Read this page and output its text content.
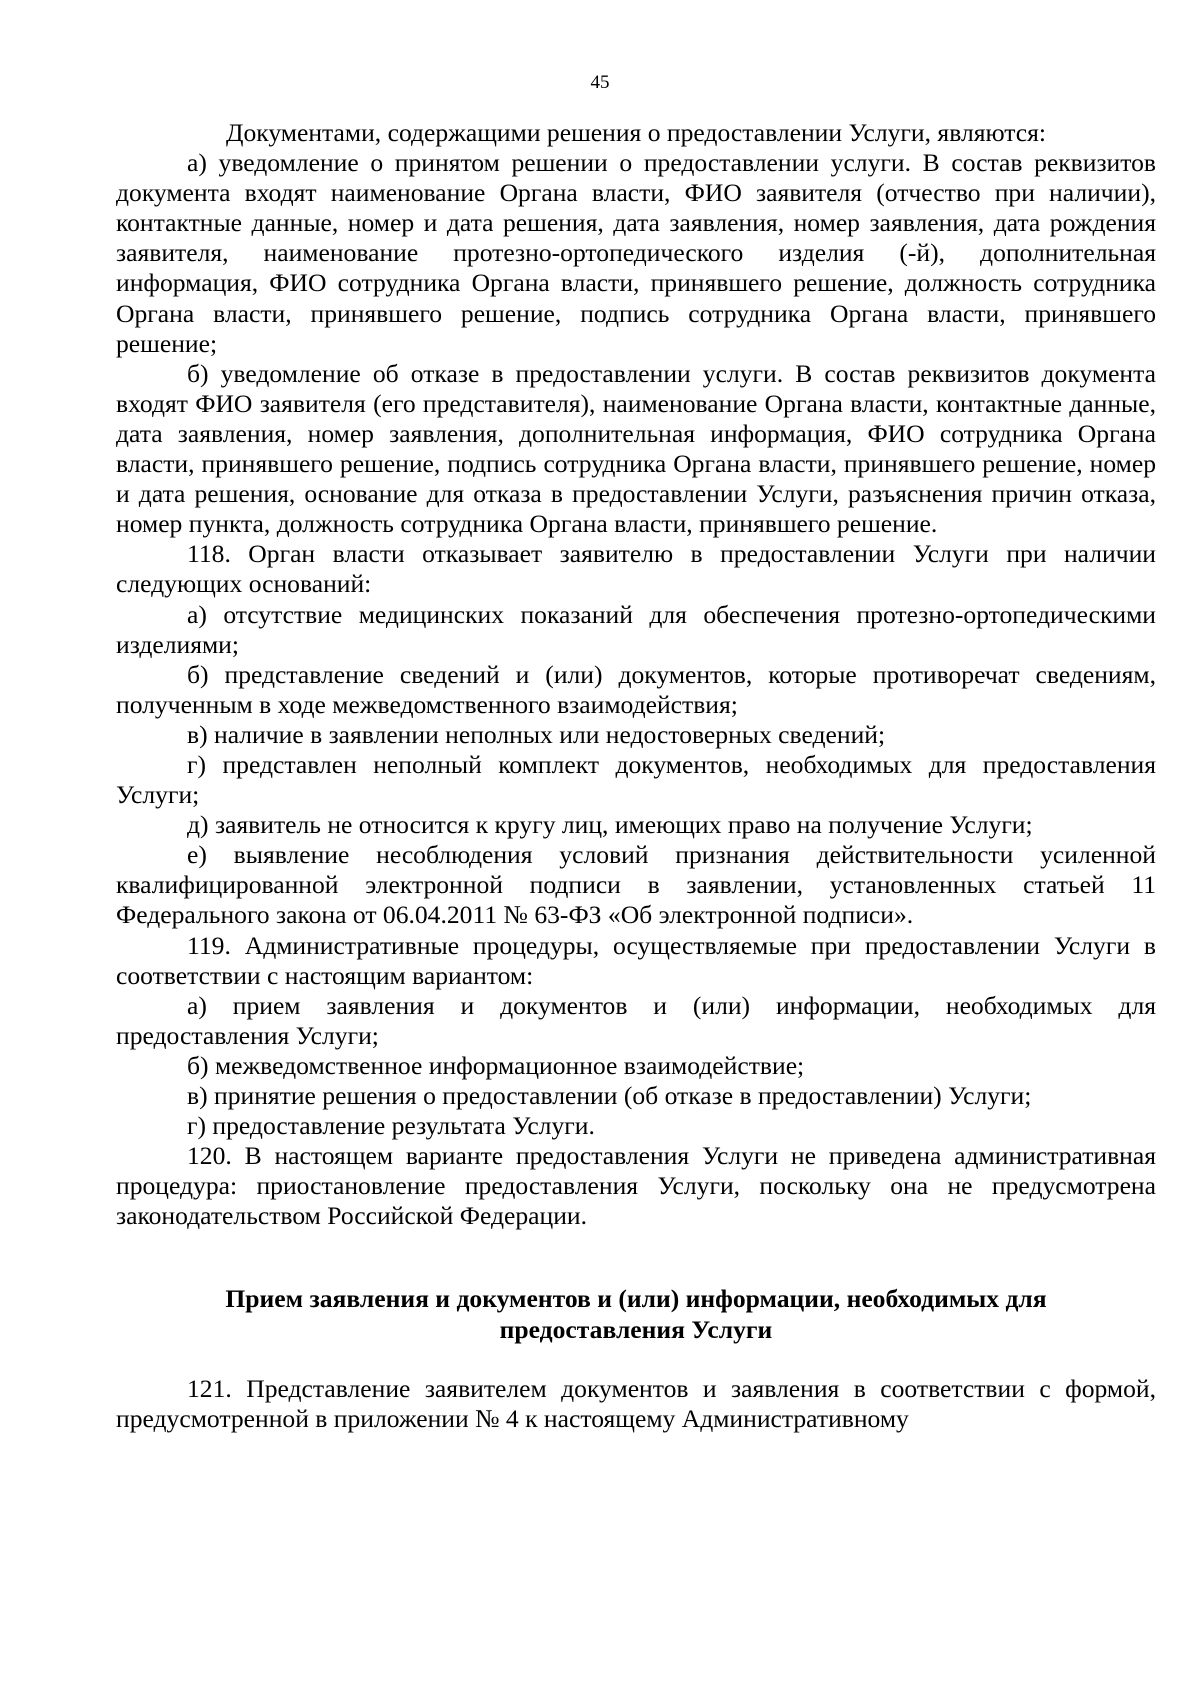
45

Документами, содержащими решения о предоставлении Услуги, являются:

а) уведомление о принятом решении о предоставлении услуги. В состав реквизитов документа входят наименование Органа власти, ФИО заявителя (отчество при наличии), контактные данные, номер и дата решения, дата заявления, номер заявления, дата рождения заявителя, наименование протезно-ортопедического изделия (-й), дополнительная информация, ФИО сотрудника Органа власти, принявшего решение, должность сотрудника Органа власти, принявшего решение, подпись сотрудника Органа власти, принявшего решение;

б) уведомление об отказе в предоставлении услуги. В состав реквизитов документа входят ФИО заявителя (его представителя), наименование Органа власти, контактные данные, дата заявления, номер заявления, дополнительная информация, ФИО сотрудника Органа власти, принявшего решение, подпись сотрудника Органа власти, принявшего решение, номер и дата решения, основание для отказа в предоставлении Услуги, разъяснения причин отказа, номер пункта, должность сотрудника Органа власти, принявшего решение.

118. Орган власти отказывает заявителю в предоставлении Услуги при наличии следующих оснований:

а) отсутствие медицинских показаний для обеспечения протезно-ортопедическими изделиями;

б) представление сведений и (или) документов, которые противоречат сведениям, полученным в ходе межведомственного взаимодействия;

в) наличие в заявлении неполных или недостоверных сведений;

г) представлен неполный комплект документов, необходимых для предоставления Услуги;

д) заявитель не относится к кругу лиц, имеющих право на получение Услуги;

е) выявление несоблюдения условий признания действительности усиленной квалифицированной электронной подписи в заявлении, установленных статьей 11 Федерального закона от 06.04.2011 № 63-ФЗ «Об электронной подписи».

119. Административные процедуры, осуществляемые при предоставлении Услуги в соответствии с настоящим вариантом:

а) прием заявления и документов и (или) информации, необходимых для предоставления Услуги;

б) межведомственное информационное взаимодействие;

в) принятие решения о предоставлении (об отказе в предоставлении) Услуги;

г) предоставление результата Услуги.

120. В настоящем варианте предоставления Услуги не приведена административная процедура: приостановление предоставления Услуги, поскольку она не предусмотрена законодательством Российской Федерации.

Прием заявления и документов и (или) информации, необходимых для предоставления Услуги

121. Представление заявителем документов и заявления в соответствии с формой, предусмотренной в приложении № 4 к настоящему Административному
